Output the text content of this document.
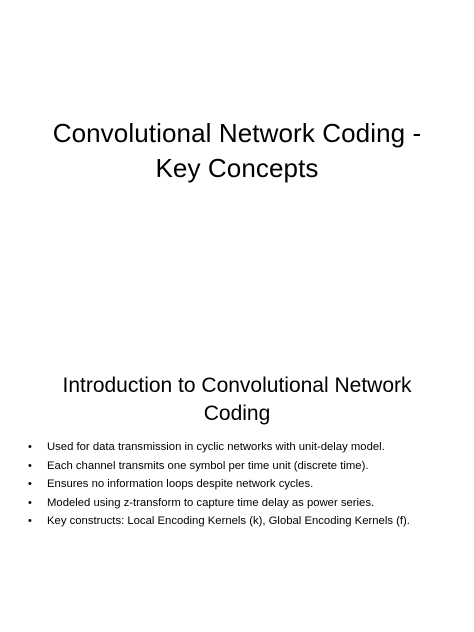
Convolutional Network Coding -
Key Concepts
Introduction to Convolutional Network
Coding
• Used for data transmission in cyclic networks with unit-delay model.
• Each channel transmits one symbol per time unit (discrete time).
• Ensures no information loops despite network cycles.
• Modeled using z-transform to capture time delay as power series.
• Key constructs: Local Encoding Kernels (k), Global Encoding Kernels (f).
